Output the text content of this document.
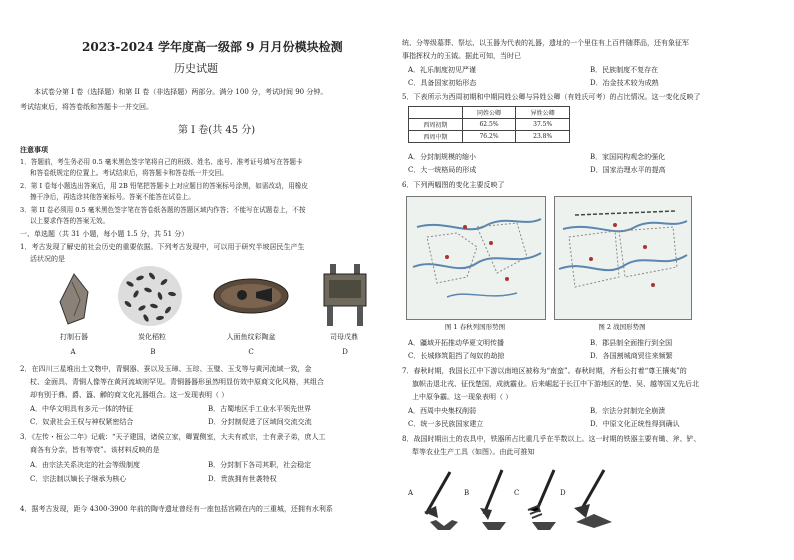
2023-2024 学年度高一级部 9 月月份模块检测
历史试题
本试卷分第 I 卷（选择题）和第 II 卷（非选择题）两部分。满分 100 分，考试时间 90 分钟。
考试结束后，将答卷纸和答题卡一并交回。
第 I 卷(共 45 分)
注意事项
1．答题前，考生务必用 0.5 毫米黑色签字笔将自己的班级、姓名、座号、准考证号填写在答题卡
和答卷纸规定的位置上。考试结束后，将答题卡和答卷纸一并交回。
2．第 I 卷每小题选出答案后，用 2B 铅笔把答题卡上对应题目的答案标号涂黑，如需改动，用橡皮
擦干净后，再选涂其他答案标号。答案不能答在试卷上。
3．第 II 卷必须用 0.5 毫米黑色签字笔在答卷纸各题的答题区域内作答；不能写在试题卷上，不按
以上要求作答的答案无效。
一、单选题（共 31 小题，每小题 1.5 分，共 51 分）
1．考古发现了解史前社会历史的重要依据。下列考古发现中，可以用于研究半坡居民生产生
活状况的是
打制石器	炭化稻粒	人面鱼纹彩陶盆	司母戊鼎
A	B	C	D
2．在四川三星堆出土文物中，青铜器、蚕以及玉璋、玉琮、玉璧、玉戈等与黄河流域一致，金
杖、金面具、青铜人像等在黄河流域则罕见。青铜器器形虽然明显仿效中原商文化风格，其组合
却有别于鼎、爵、簋、觯的商文化礼器组合。这一发现表明（ ）
A．中华文明具有多元一体的特征	B．古蜀地区手工业水平领先世界
C．奴隶社会王权与神权紧密结合	D．分封制促进了区域间交流交流
3．《左传・桓公二年》记载：“天子建国，诸侯立家，卿置侧室，大夫有贰宗，士有隶子弟，庶人工
商各有分亲，皆有等衰”。该材料反映的是
A．由宗法关系决定的社会等级制度	B．分封制下各司其职，社会稳定
C．宗法制以嫡长子继承为核心	D．贵族拥有世袭特权
4．据考古发现，距今 4300-3900 年前的陶寺遗址曾经有一座包括宫殿在内的三重城，还拥有水利系
统、分等级墓葬、祭坛、以玉器为代表的礼器，遗址的一个里住有上百件随葬品，还有象征军
事指挥权力的玉钺。据此可知，当时已
A．礼乐制度初见严谨	B．民族制度不复存在
C．具备国家初始形态	D．冶金技术较为成熟
5．下表所示为西周初期和中期同姓公卿与异姓公卿（有姓氏可考）的占比情况。这一变化反映了
	同姓公卿	异姓公卿
西周初期	62.5%	37.5%
西周中期	76.2%	23.8%
A．分封制规模的缩小	B．家国同构观念的强化
C．大一统格局的形成	D．国家治理水平的提高
6．下列两幅图的变化主要反映了
图 1 春秋列国形势图	图 2 战国形势图
A．疆域开拓推动华夏文明传播	B．郡县制全面推行到全国
C．长城修筑阻挡了匈奴的劫掠	D．各国割城商贸往来频繁
7．春秋时期，我国长江中下游以南地区被称为“南蛮”。春秋时期，齐桓公打着“尊王攘夷”的
旗帜击退北戎、征伐楚国，成就霸业。后来崛起于长江中下游地区的楚、吴、越等国又先后北
上中原争霸。这一现象表明（ ）
A．西周中央集权削弱	B．宗法分封制完全崩溃
C．统一多民族国家建立	D．中原文化正统性得到确认
8．战国时期出土的农具中，铁器所占比重几乎在半数以上。这一时期的铁器主要有锄、斧、铲、
犁等农业生产工具（如图）。由此可推知
A	B	C	D
